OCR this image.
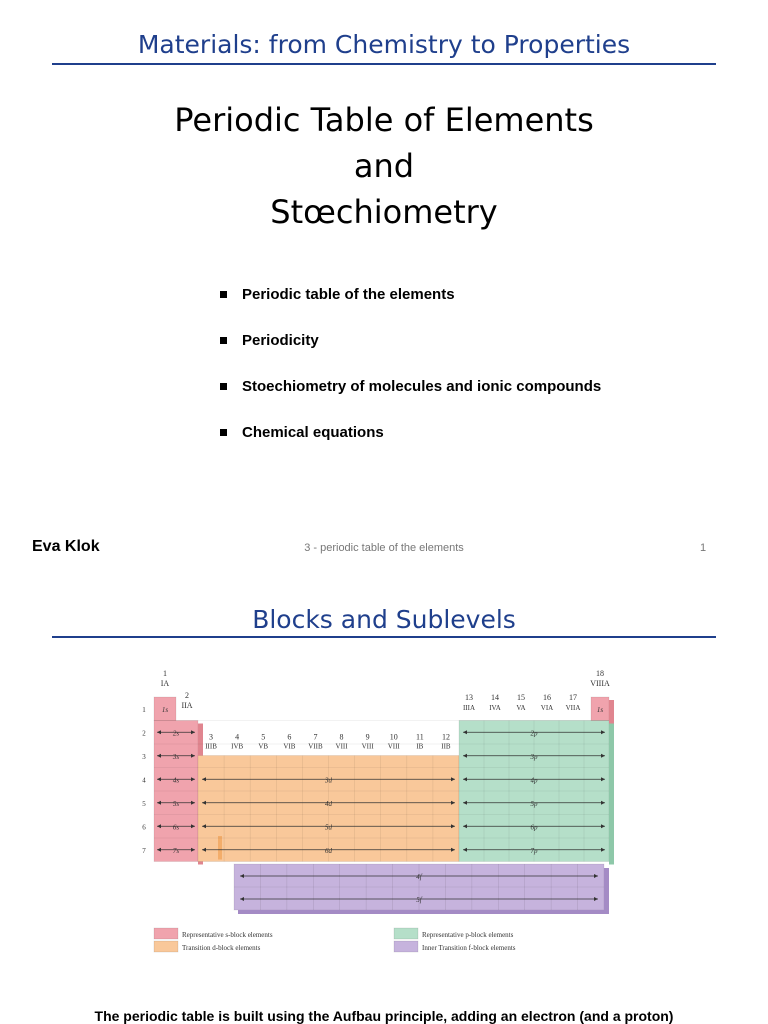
Materials: from Chemistry to Properties
Periodic Table of Elements
and
Stœchiometry
Periodic table of the elements
Periodicity
Stoechiometry of molecules and ionic compounds
Chemical equations
Eva Klok	3 - periodic table of the elements	1
Blocks and Sublevels
1
IA
2
IIA
18
VIIIA
13
IIIA
14
IVA
15
VA
16
VIA
17
VIIA
3
IIIB
4
IVB
5
VB
6
VIB
7
VIIB
8
VIII
9
VIII
10
VIII
11
IB
12
IIB
1
2
3
4
5
6
7
1s
2s
3s
4s
5s
6s
7s
1s
3d
4d
5d
6d
2p
3p
4p
5p
6p
7p
4f
5f
Representative s-block elements
Transition d-block elements
Representative p-block elements
Inner Transition f-block elements
The periodic table is built using the Aufbau principle, adding an electron (and a proton)
